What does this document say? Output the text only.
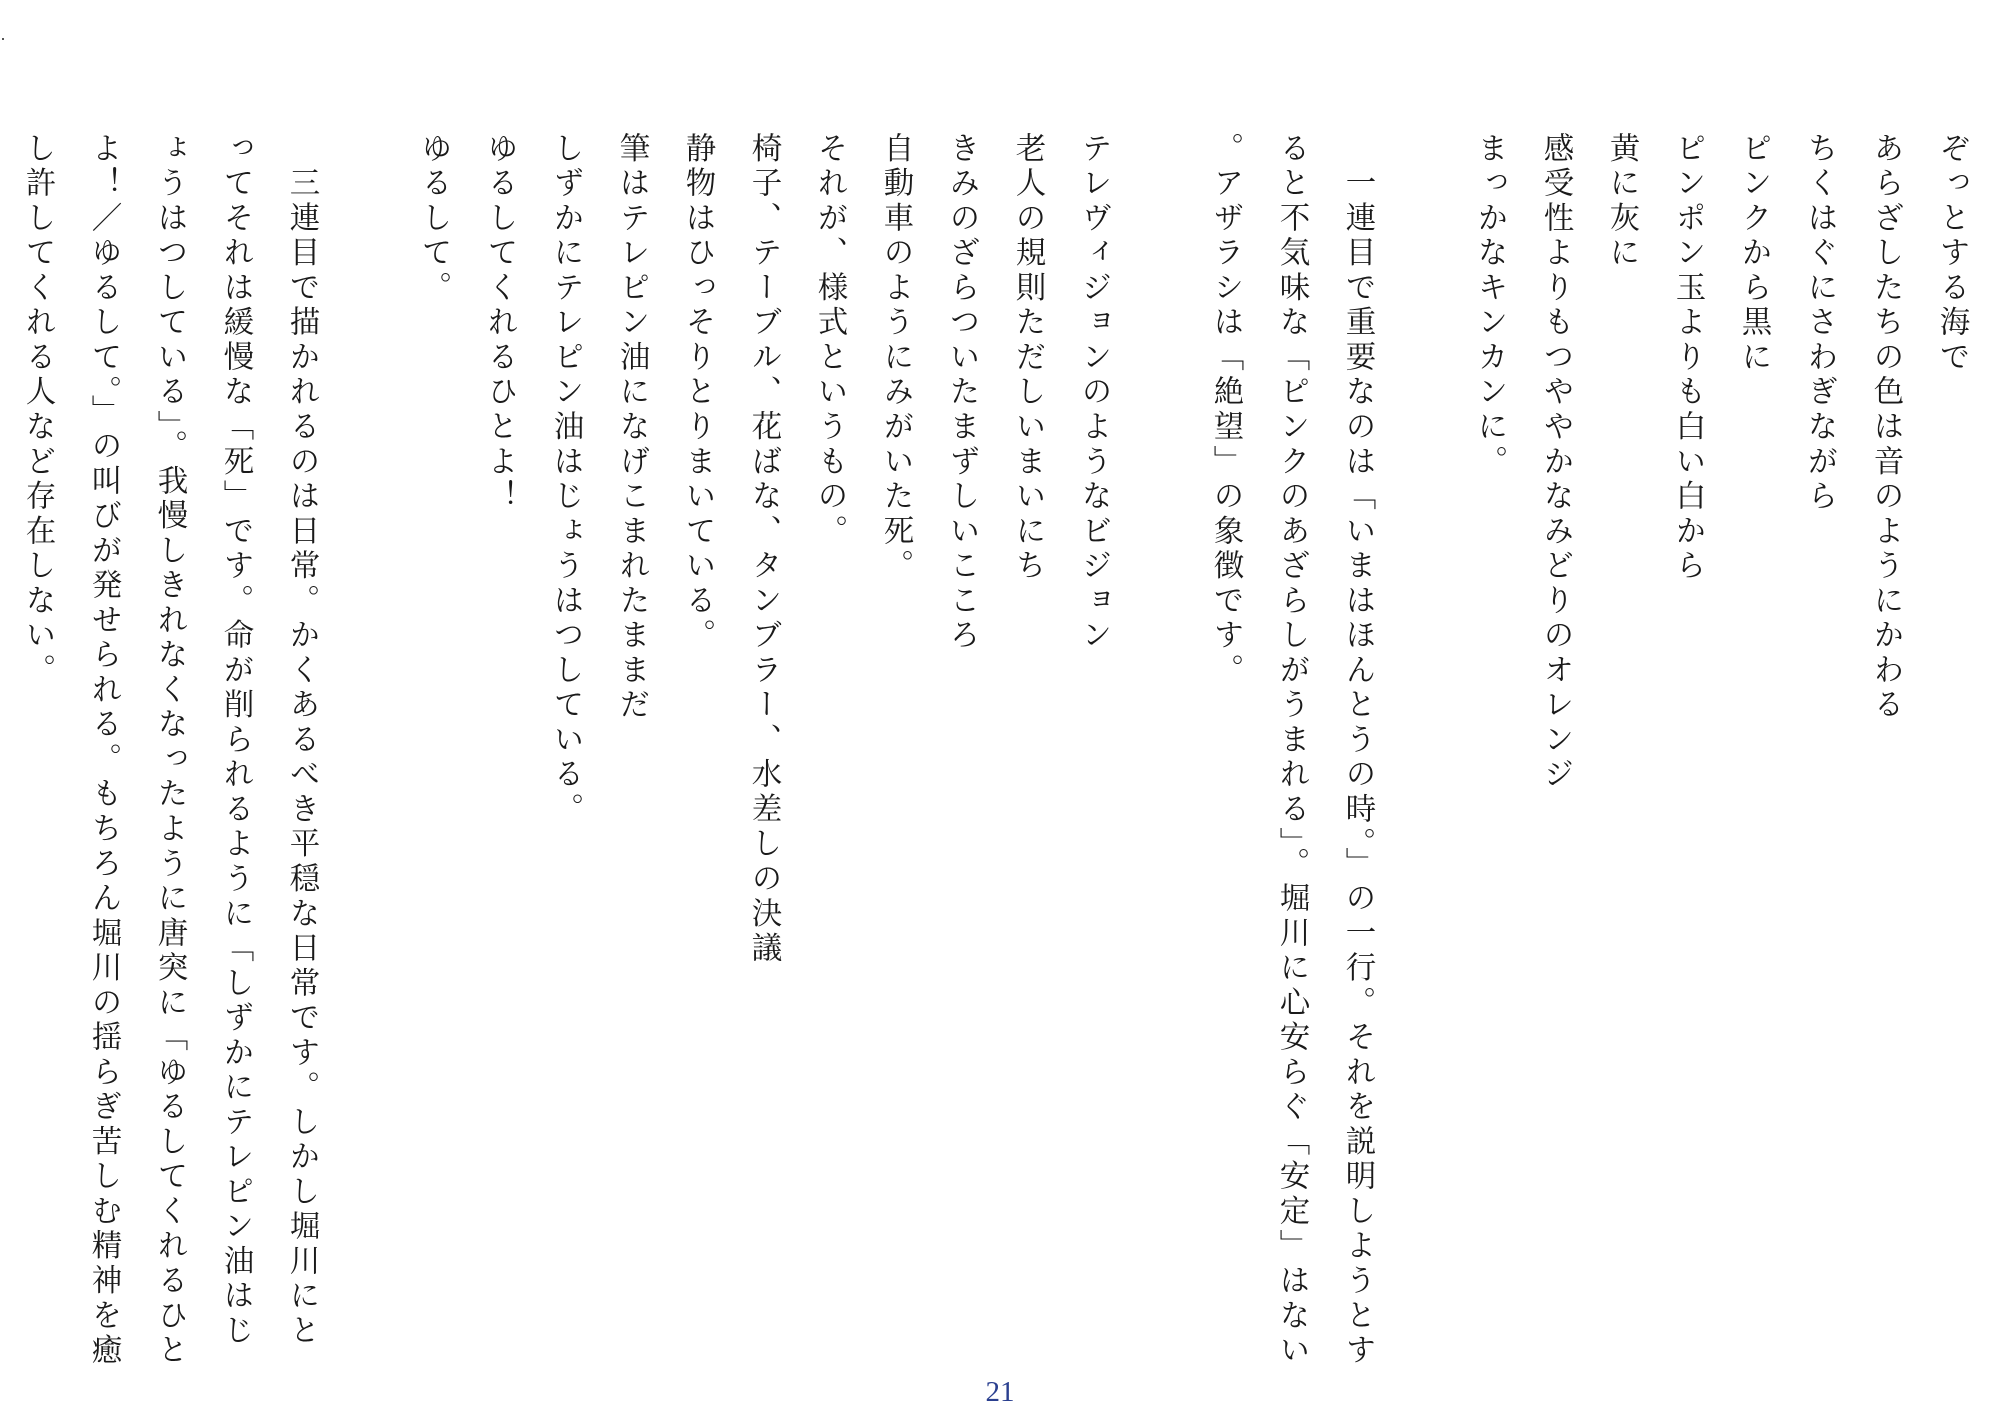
ぞっとする海で
あらざしたちの色は音のようにかわる
ちくはぐにさわぎながら
ピンクから黒に
ピンポン玉よりも白い白から
黄に灰に
感受性よりもつややかなみどりのオレンジ
まっかなキンカンに。
　一連目で重要なのは「いまはほんとうの時。」の一行。それを説明しようとすると不気味な「ピンクのあざらしがうまれる」。堀川に心安らぐ「安定」はない。アザラシは「絶望」の象徴です。
テレヴィジョンのようなビジョン
老人の規則ただしいまいにち
きみのざらついたまずしいこころ
自動車のようにみがいた死。
それが、様式というもの。
椅子、テーブル、花ばな、タンブラー、水差しの決議
静物はひっそりとりまいている。
筆はテレピン油になげこまれたままだ
しずかにテレピン油はじょうはつしている。
ゆるしてくれるひとよ！
ゆるして。
　三連目で描かれるのは日常。かくあるべき平穏な日常です。しかし堀川にとってそれは緩慢な「死」です。命が削られるように「しずかにテレピン油はじょうはつしている」。我慢しきれなくなったように唐突に「ゆるしてくれるひとよ！／ゆるして。」の叫びが発せられる。もちろん堀川の揺らぎ苦しむ精神を癒し許してくれる人など存在しない。
21
